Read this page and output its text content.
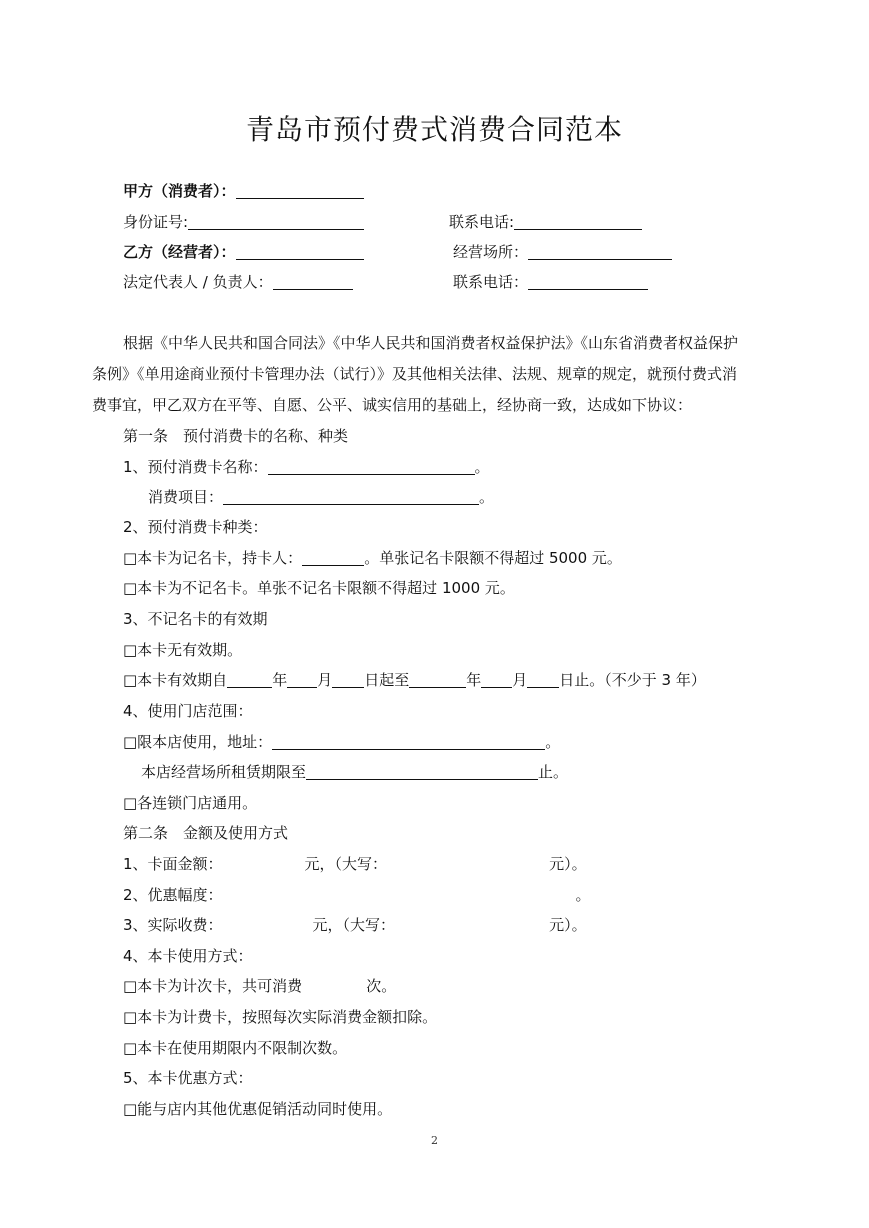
青岛市预付费式消费合同范本
甲方（消费者）：
身份证号:	联系电话:
乙方（经营者）：	经营场所：
法定代表人 / 负责人：	联系电话：
根据《中华人民共和国合同法》《中华人民共和国消费者权益保护法》《山东省消费者权益保护
条例》《单用途商业预付卡管理办法（试行）》及其他相关法律、法规、规章的规定，就预付费式消
费事宜，甲乙双方在平等、自愿、公平、诚实信用的基础上，经协商一致，达成如下协议：
第一条　预付消费卡的名称、种类
1、预付消费卡名称：	。
消费项目：	。
2、预付消费卡种类：
□本卡为记名卡，持卡人：	。单张记名卡限额不得超过 5000 元。
□本卡为不记名卡。单张不记名卡限额不得超过 1000 元。
3、不记名卡的有效期
□本卡无有效期。
□本卡有效期自	年 月 日起至	年 月 日止。（不少于 3 年）
4、使用门店范围：
□限本店使用，地址：	。
本店经营场所租赁期限至	止。
□各连锁门店通用。
第二条　金额及使用方式
1、卡面金额：	元，（大写：	元）。
2、优惠幅度：	。
3、实际收费：	元，（大写：	元）。
4、本卡使用方式：
□本卡为计次卡，共可消费	次。
□本卡为计费卡，按照每次实际消费金额扣除。
□本卡在使用期限内不限制次数。
5、本卡优惠方式：
□能与店内其他优惠促销活动同时使用。
2
